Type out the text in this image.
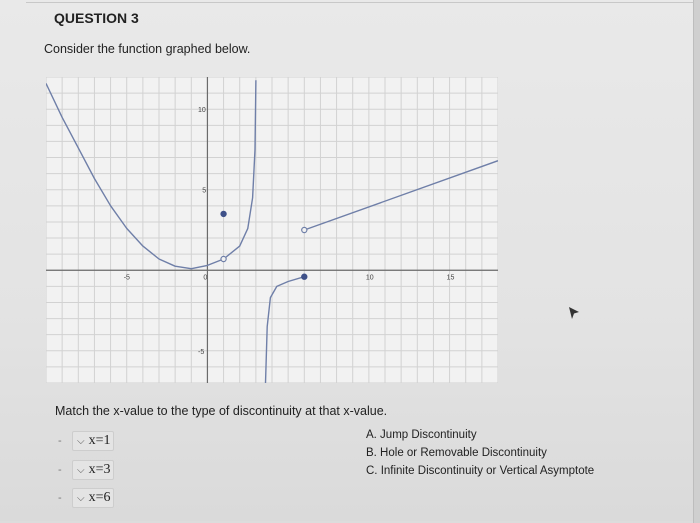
QUESTION 3
Consider the function graphed below.
-5	0	10	15
10
5
-5
Match the x-value to the type of discontinuity at that x-value.
-	⌵ x=1
-	⌵ x=3
-	⌵ x=6
A. Jump Discontinuity
B. Hole or Removable Discontinuity
C. Infinite Discontinuity or Vertical Asymptote
